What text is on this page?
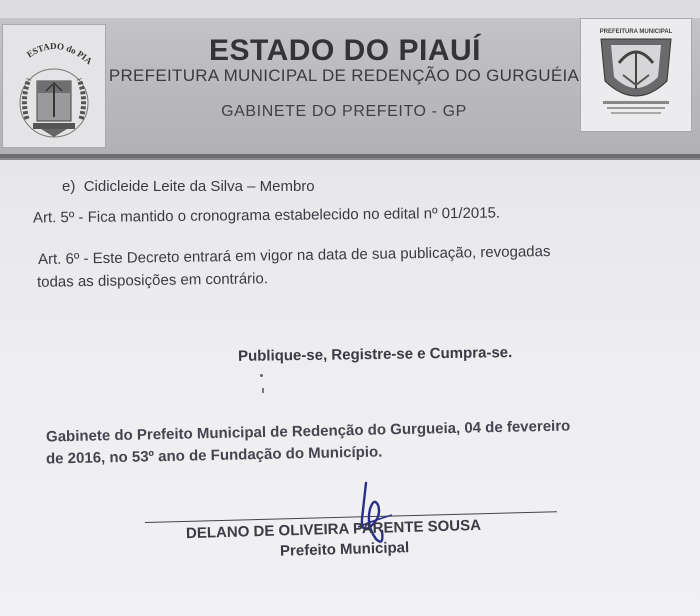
ESTADO do PIA
PREFEITURA MUNICIPAL
ESTADO DO PIAUÍ
PREFEITURA MUNICIPAL DE REDENÇÃO DO GURGUÉIA
GABINETE DO PREFEITO - GP
e) Cidicleide Leite da Silva – Membro
Art. 5º - Fica mantido o cronograma estabelecido no edital nº 01/2015.
Art. 6º - Este Decreto entrará em vigor na data de sua publicação, revogadas
todas as disposições em contrário.
Publique-se, Registre-se e Cumpra-se.
Gabinete do Prefeito Municipal de Redenção do Gurgueia, 04 de fevereiro
de 2016, no 53º ano de Fundação do Município.
DELANO DE OLIVEIRA PARENTE SOUSA
Prefeito Municipal
